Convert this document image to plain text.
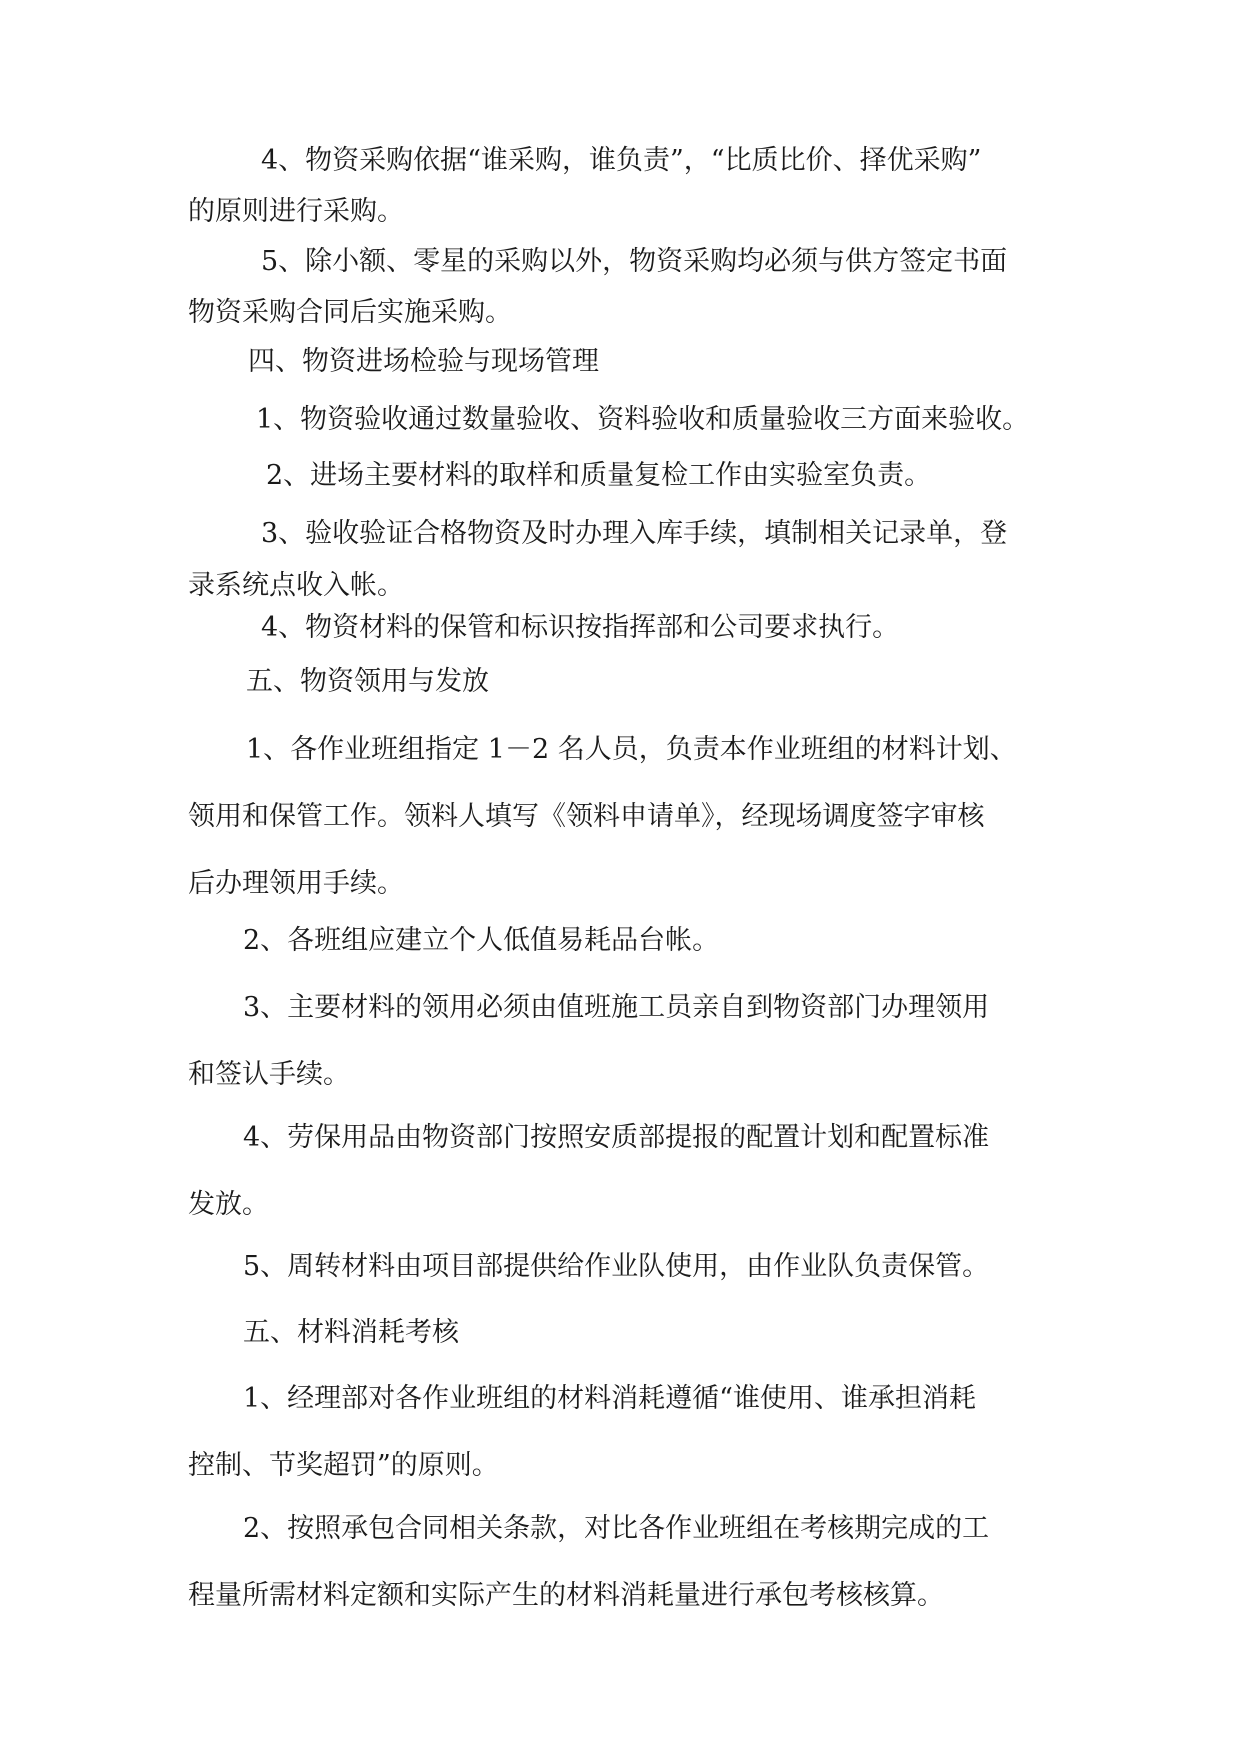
4、物资采购依据“谁采购，谁负责”，“比质比价、择优采购”
的原则进行采购。
5、除小额、零星的采购以外，物资采购均必须与供方签定书面
物资采购合同后实施采购。
四、物资进场检验与现场管理
1、物资验收通过数量验收、资料验收和质量验收三方面来验收。
2、进场主要材料的取样和质量复检工作由实验室负责。
3、验收验证合格物资及时办理入库手续，填制相关记录单，登
录系统点收入帐。
4、物资材料的保管和标识按指挥部和公司要求执行。
五、物资领用与发放
1、各作业班组指定 1－2 名人员，负责本作业班组的材料计划、
领用和保管工作。领料人填写《领料申请单》，经现场调度签字审核
后办理领用手续。
2、各班组应建立个人低值易耗品台帐。
3、主要材料的领用必须由值班施工员亲自到物资部门办理领用
和签认手续。
4、劳保用品由物资部门按照安质部提报的配置计划和配置标准
发放。
5、周转材料由项目部提供给作业队使用，由作业队负责保管。
五、材料消耗考核
1、经理部对各作业班组的材料消耗遵循“谁使用、谁承担消耗
控制、节奖超罚”的原则。
2、按照承包合同相关条款，对比各作业班组在考核期完成的工
程量所需材料定额和实际产生的材料消耗量进行承包考核核算。
